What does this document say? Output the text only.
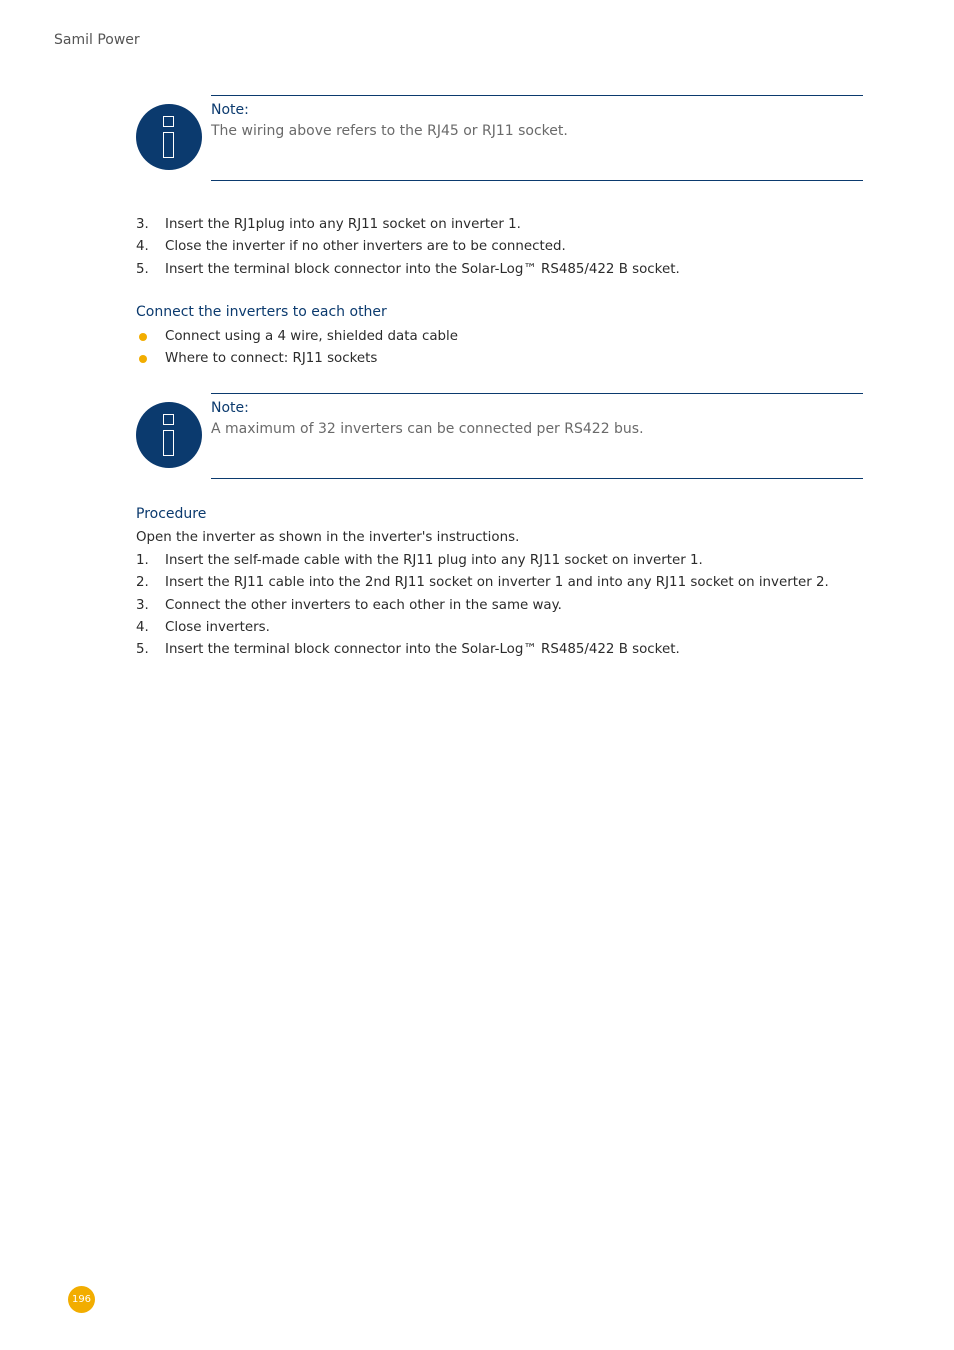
Samil Power
Note:
The wiring above refers to the RJ45 or RJ11 socket.
3. Insert the RJ1plug into any RJ11 socket on inverter 1.
4. Close the inverter if no other inverters are to be connected.
5. Insert the terminal block connector into the Solar-Log™ RS485/422 B socket.
Connect the inverters to each other
Connect using a 4 wire, shielded data cable
Where to connect: RJ11 sockets
Note:
A maximum of 32 inverters can be connected per RS422 bus.
Procedure
Open the inverter as shown in the inverter's instructions.
1. Insert the self-made cable with the RJ11 plug into any RJ11 socket on inverter 1.
2. Insert the RJ11 cable into the 2nd RJ11 socket on inverter 1 and into any RJ11 socket on inverter 2.
3. Connect the other inverters to each other in the same way.
4. Close inverters.
5. Insert the terminal block connector into the Solar-Log™ RS485/422 B socket.
196
